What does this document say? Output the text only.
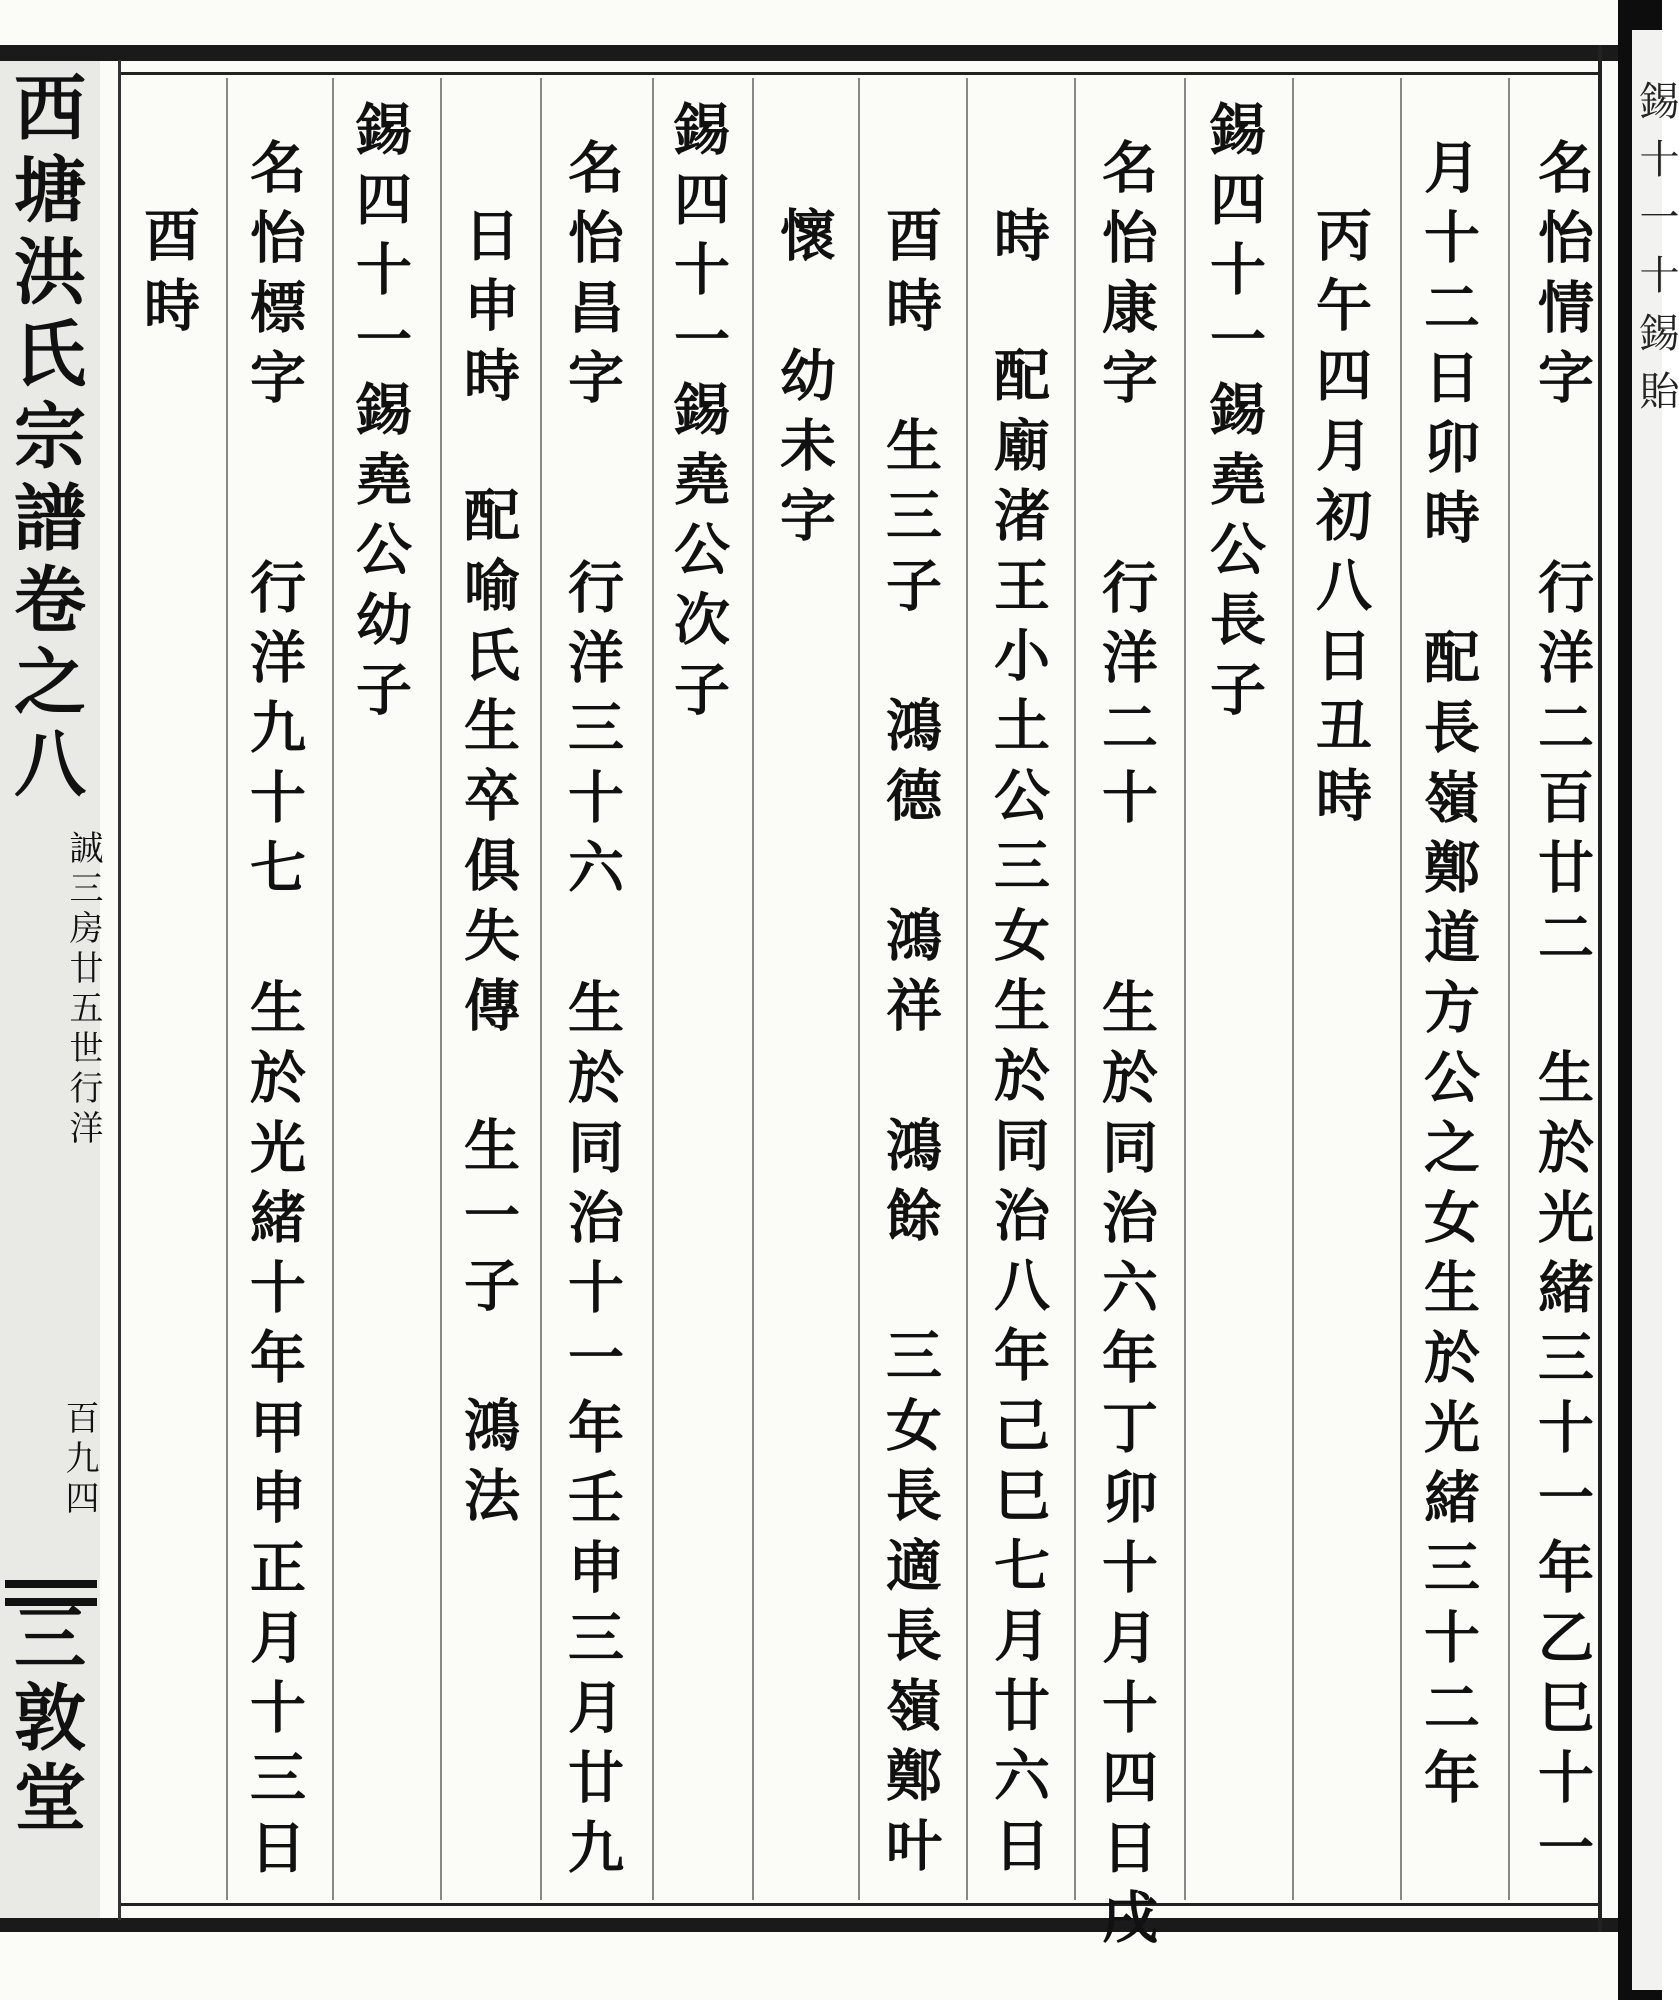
錫十一十錫貽
西塘洪氏宗譜卷之八
誠三房廿五世行洋
百九四
三敦堂	名怡情字　　行洋二百廿二　生於光緒三十一年乙巳十一
月十二日卯時　配長嶺鄭道方公之女生於光緒三十二年
丙午四月初八日丑時
錫四十一錫堯公長子
名怡康字　　行洋二十　　生於同治六年丁卯十月十四日戌
時　配廟渚王小土公三女生於同治八年己巳七月廿六日
酉時　生三子　鴻德　鴻祥　鴻餘　三女長適長嶺鄭叶
懷　幼未字
錫四十一錫堯公次子
名怡昌字　　行洋三十六　生於同治十一年壬申三月廿九
日申時　配喻氏生卒俱失傳　生一子　鴻法
錫四十一錫堯公幼子
名怡標字　　行洋九十七　生於光緒十年甲申正月十三日
酉時
